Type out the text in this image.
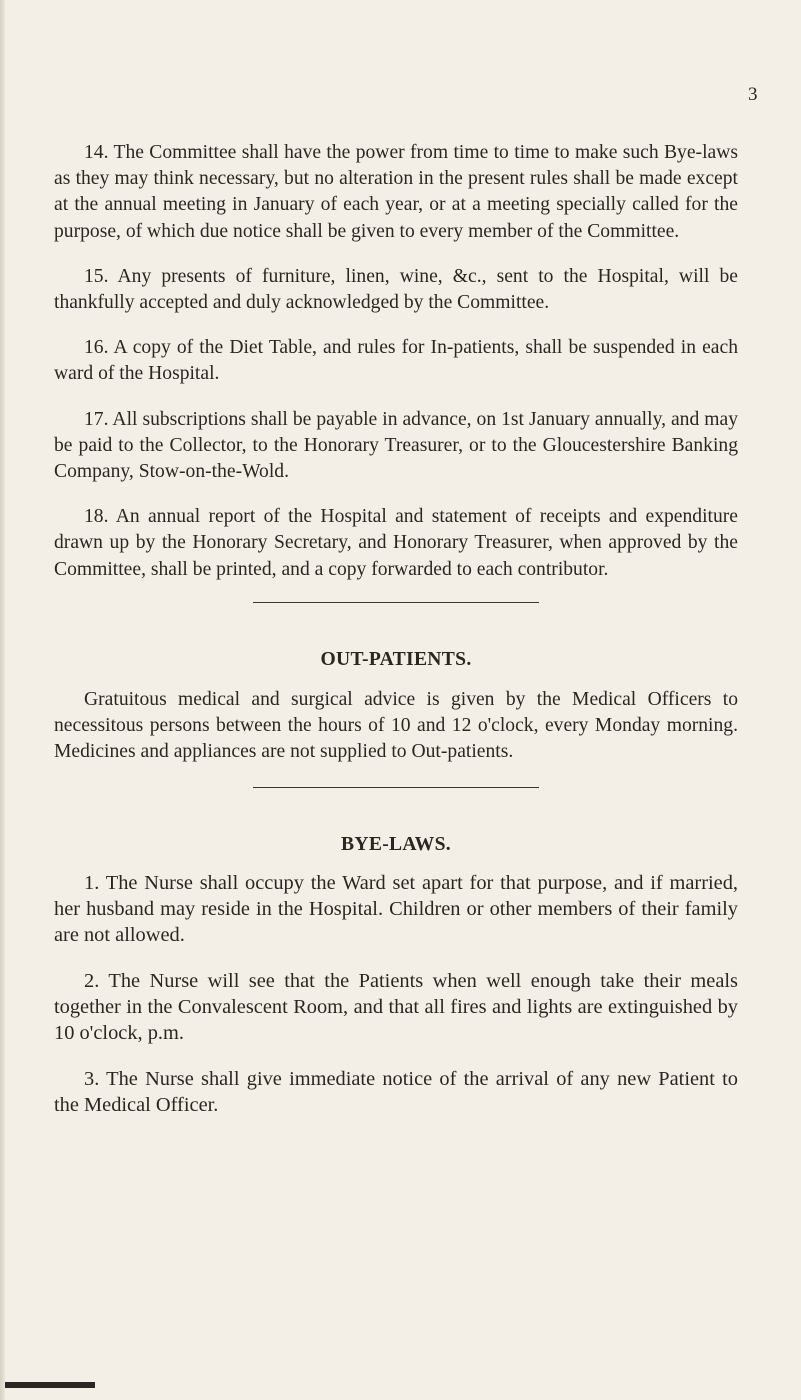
3

14. The Committee shall have the power from time to time to make such Bye-laws as they may think necessary, but no alteration in the present rules shall be made except at the annual meeting in January of each year, or at a meeting specially called for the purpose, of which due notice shall be given to every member of the Committee.

15. Any presents of furniture, linen, wine, &c., sent to the Hospital, will be thankfully accepted and duly acknowledged by the Committee.

16. A copy of the Diet Table, and rules for In-patients, shall be suspended in each ward of the Hospital.

17. All subscriptions shall be payable in advance, on 1st January annually, and may be paid to the Collector, to the Honorary Treasurer, or to the Gloucestershire Banking Company, Stow-on-the-Wold.

18. An annual report of the Hospital and statement of receipts and expenditure drawn up by the Honorary Secretary, and Honorary Treasurer, when approved by the Committee, shall be printed, and a copy forwarded to each contributor.

OUT-PATIENTS.

Gratuitous medical and surgical advice is given by the Medical Officers to necessitous persons between the hours of 10 and 12 o'clock, every Monday morning. Medicines and appliances are not supplied to Out-patients.

BYE-LAWS.

1. The Nurse shall occupy the Ward set apart for that purpose, and if married, her husband may reside in the Hospital. Children or other members of their family are not allowed.

2. The Nurse will see that the Patients when well enough take their meals together in the Convalescent Room, and that all fires and lights are extinguished by 10 o'clock, p.m.

3. The Nurse shall give immediate notice of the arrival of any new Patient to the Medical Officer.
